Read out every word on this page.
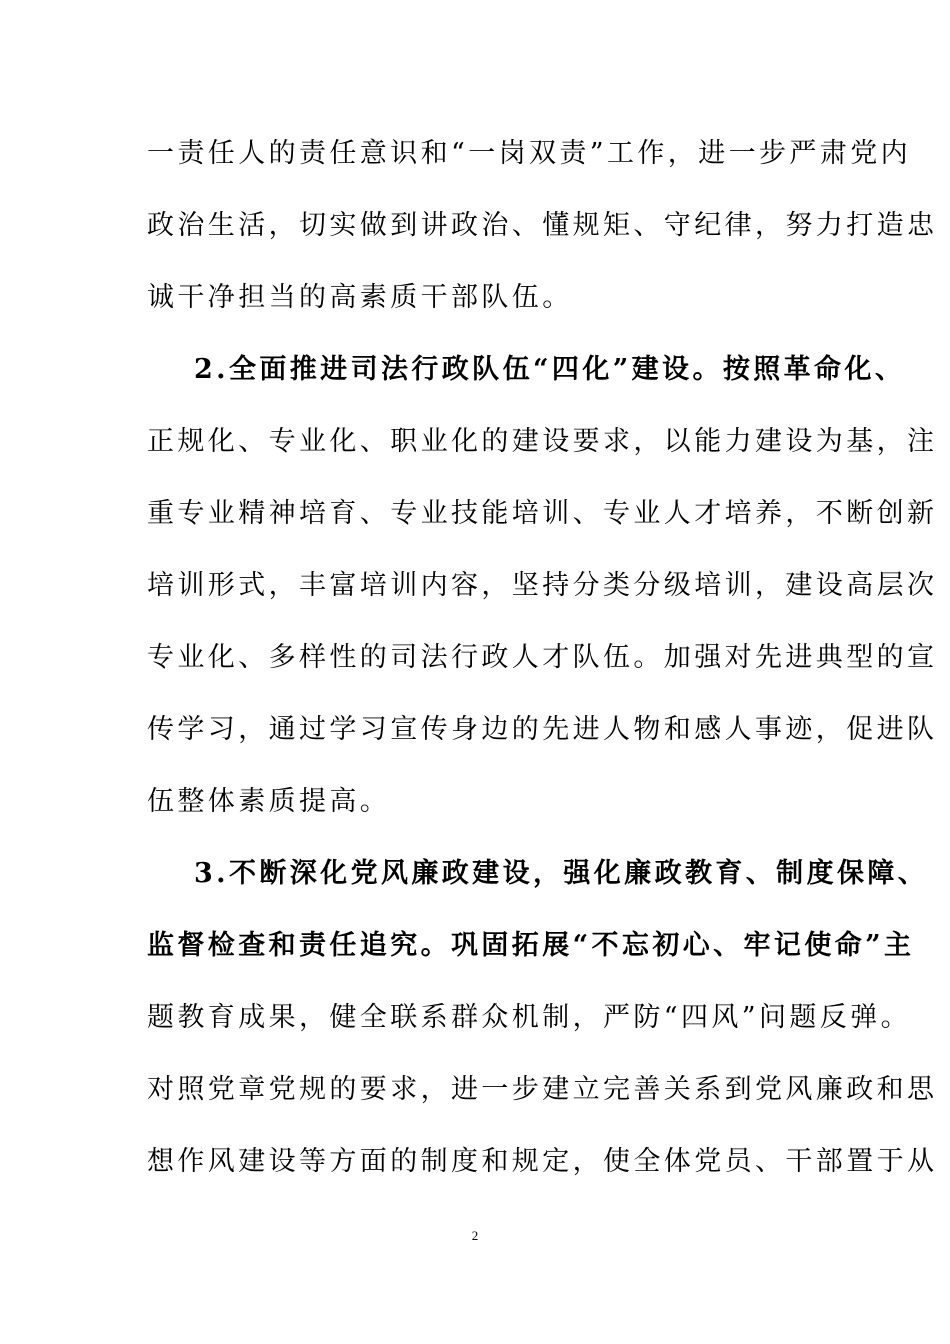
一责任人的责任意识和“一岗双责”工作，进一步严肃党内
政治生活，切实做到讲政治、懂规矩、守纪律，努力打造忠
诚干净担当的高素质干部队伍。
2.全面推进司法行政队伍“四化”建设。按照革命化、
正规化、专业化、职业化的建设要求，以能力建设为基，注
重专业精神培育、专业技能培训、专业人才培养，不断创新
培训形式，丰富培训内容，坚持分类分级培训，建设高层次
专业化、多样性的司法行政人才队伍。加强对先进典型的宣
传学习，通过学习宣传身边的先进人物和感人事迹，促进队
伍整体素质提高。
3.不断深化党风廉政建设，强化廉政教育、制度保障、
监督检查和责任追究。巩固拓展“不忘初心、牢记使命”主
题教育成果，健全联系群众机制，严防“四风”问题反弹。
对照党章党规的要求，进一步建立完善关系到党风廉政和思
想作风建设等方面的制度和规定，使全体党员、干部置于从
2
